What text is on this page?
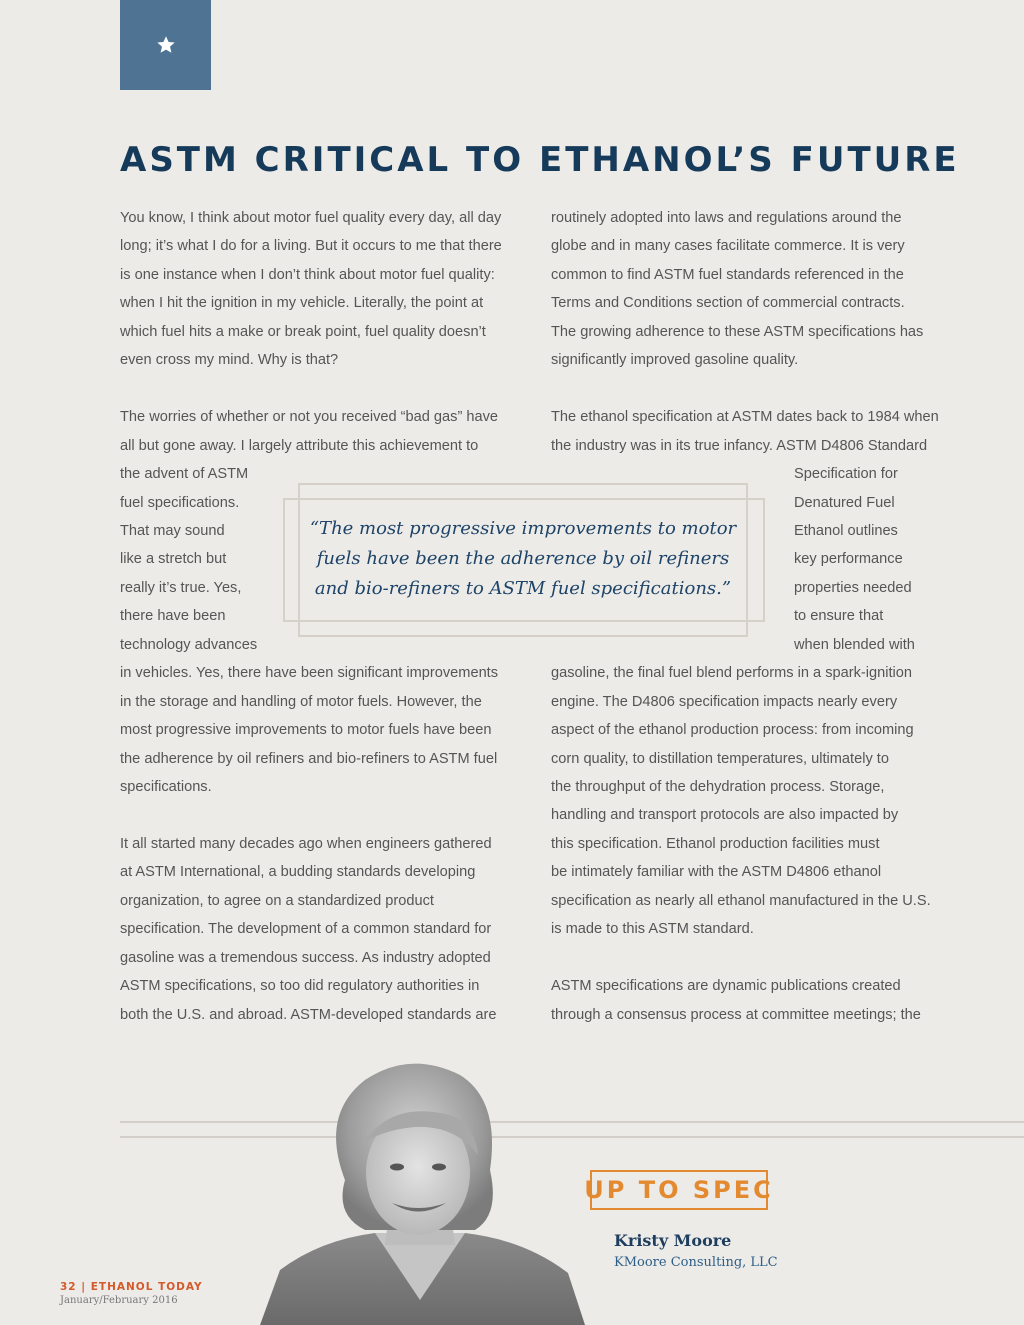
ASTM CRITICAL TO ETHANOL’S FUTURE
You know, I think about motor fuel quality every day, all day
long; it’s what I do for a living. But it occurs to me that there
is one instance when I don’t think about motor fuel quality:
when I hit the ignition in my vehicle. Literally, the point at
which fuel hits a make or break point, fuel quality doesn’t
even cross my mind. Why is that?
The worries of whether or not you received “bad gas” have
all but gone away. I largely attribute this achievement to
the advent of ASTM
fuel specifications.
That may sound
like a stretch but
really it’s true. Yes,
there have been
technology advances
in vehicles. Yes, there have been significant improvements
in the storage and handling of motor fuels. However, the
most progressive improvements to motor fuels have been
the adherence by oil refiners and bio-refiners to ASTM fuel
specifications.
It all started many decades ago when engineers gathered
at ASTM International, a budding standards developing
organization, to agree on a standardized product
specification. The development of a common standard for
gasoline was a tremendous success. As industry adopted
ASTM specifications, so too did regulatory authorities in
both the U.S. and abroad. ASTM-developed standards are
routinely adopted into laws and regulations around the
globe and in many cases facilitate commerce. It is very
common to find ASTM fuel standards referenced in the
Terms and Conditions section of commercial contracts.
The growing adherence to these ASTM specifications has
significantly improved gasoline quality.
The ethanol specification at ASTM dates back to 1984 when
the industry was in its true infancy. ASTM D4806 Standard
Specification for
Denatured Fuel
Ethanol outlines
key performance
properties needed
to ensure that
when blended with
gasoline, the final fuel blend performs in a spark-ignition
engine. The D4806 specification impacts nearly every
aspect of the ethanol production process: from incoming
corn quality, to distillation temperatures, ultimately to
the throughput of the dehydration process. Storage,
handling and transport protocols are also impacted by
this specification. Ethanol production facilities must
be intimately familiar with the ASTM D4806 ethanol
specification as nearly all ethanol manufactured in the U.S.
is made to this ASTM standard.
ASTM specifications are dynamic publications created
through a consensus process at committee meetings; the
“The most progressive improvements to motor
fuels have been the adherence by oil refiners
and bio-refiners to ASTM fuel specifications.”
UP TO SPEC
Kristy Moore
KMoore Consulting, LLC
32 | ETHANOL TODAY
January/February 2016
